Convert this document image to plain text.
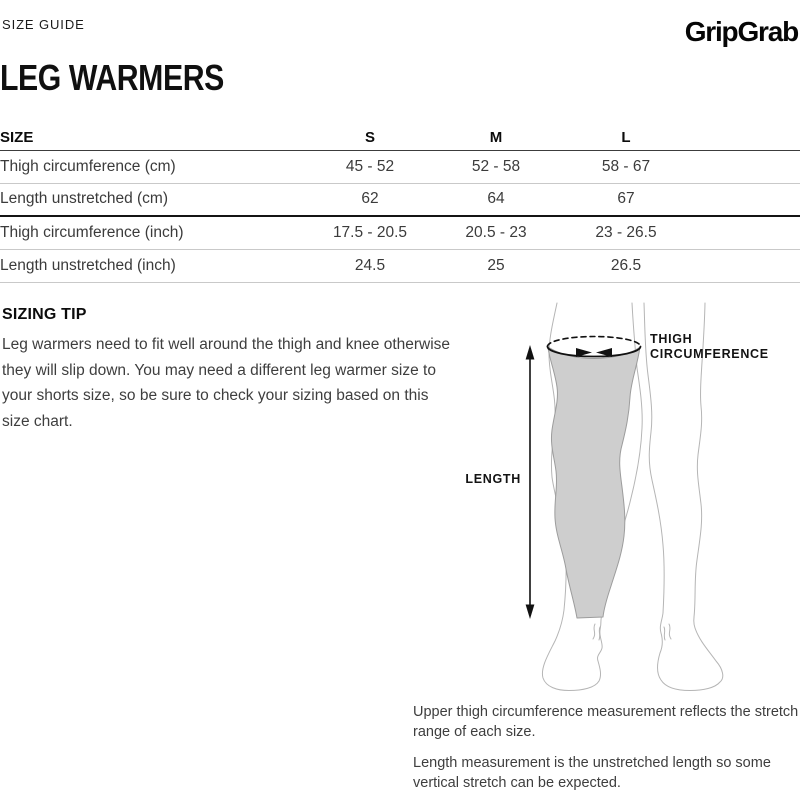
SIZE GUIDE	GripGrab
LEG WARMERS
SIZE	S	M	L	
Thigh circumference (cm)	45 - 52	52 - 58	58 - 67	
Length unstretched (cm)	62	64	67	
Thigh circumference (inch)	17.5 - 20.5	20.5 - 23	23 - 26.5	
Length unstretched (inch)	24.5	25	26.5	
SIZING TIP
Leg warmers need to fit well around the thigh and knee otherwise they will slip down. You may need a different leg warmer size to your shorts size, so be sure to check your sizing based on this size chart.
LENGTH
THIGH
CIRCUMFERENCE

Upper thigh circumference measurement reflects the stretch range of each size.

Length measurement is the unstretched length so some vertical stretch can be expected.
